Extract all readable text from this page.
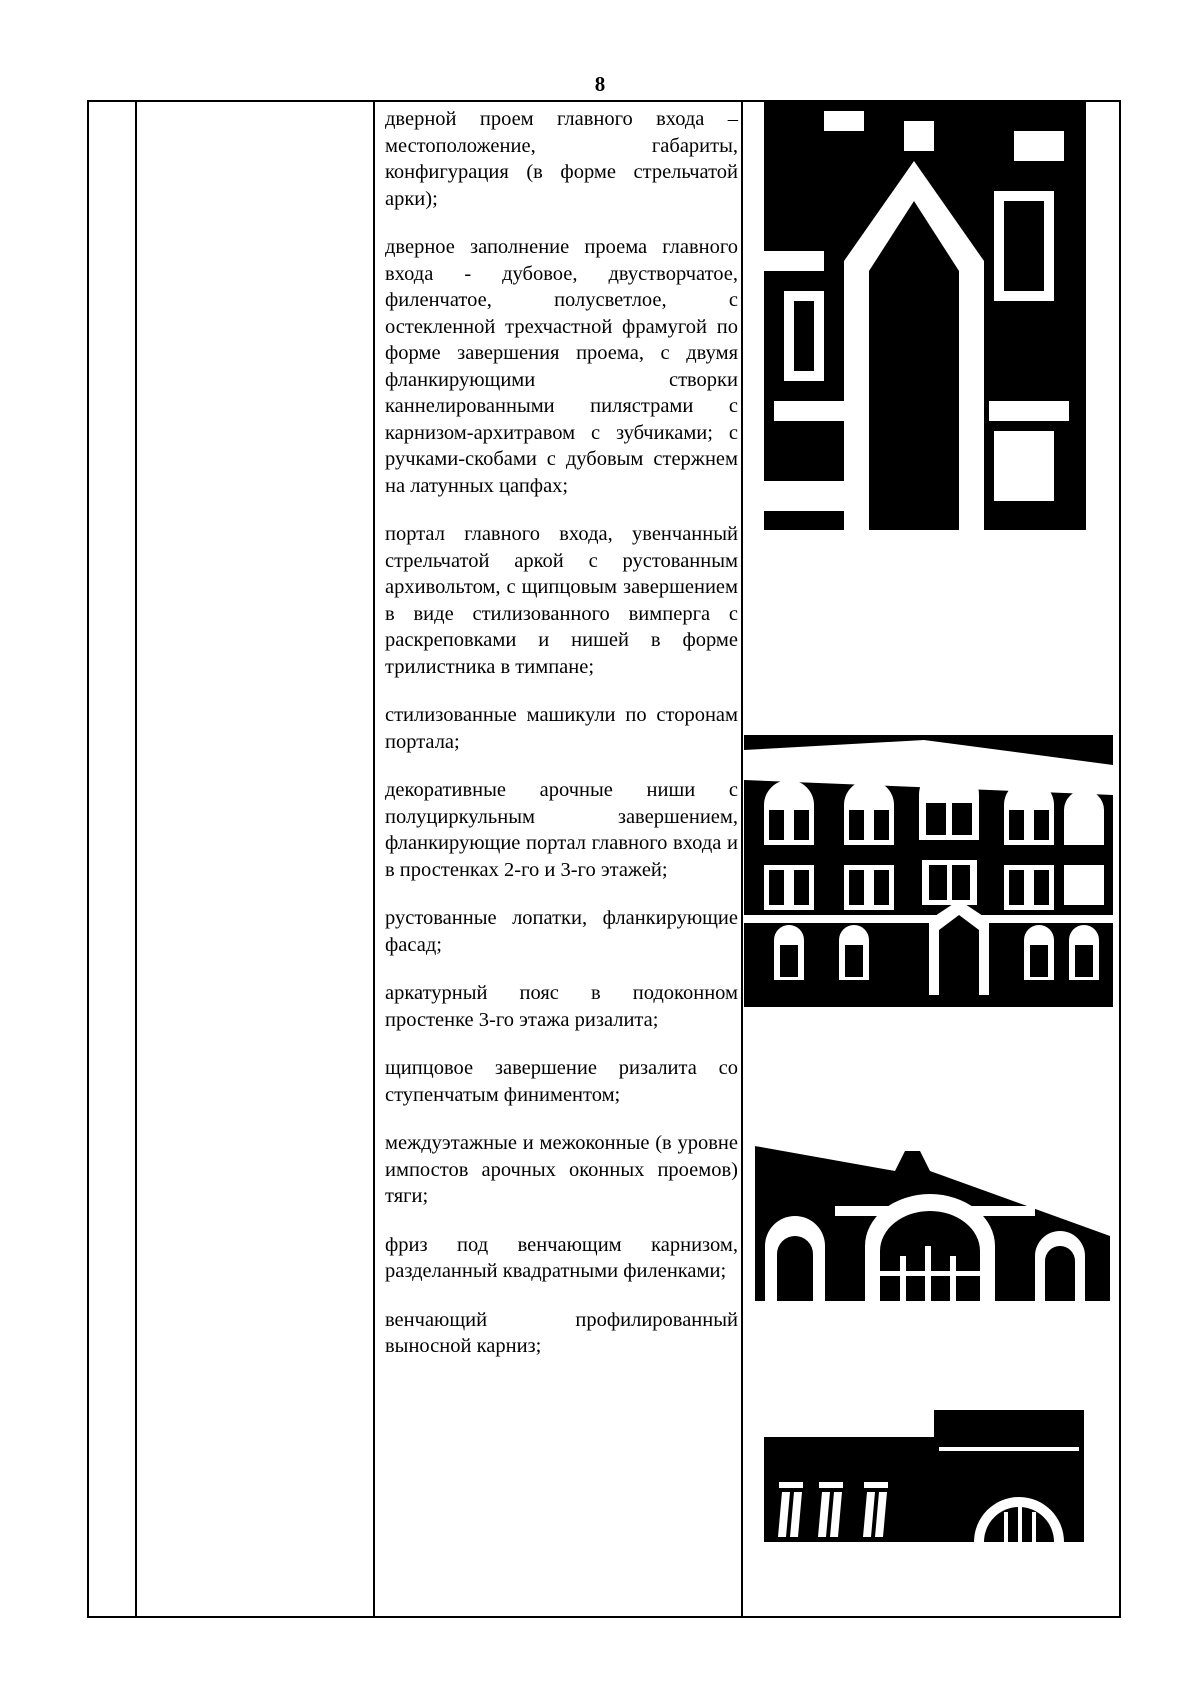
8

дверной проем главного входа – местоположение, габариты, конфигурация (в форме стрельчатой арки);

дверное заполнение проема главного входа - дубовое, двустворчатое, филенчатое, полусветлое, с остекленной трехчастной фрамугой по форме завершения проема, с двумя фланкирующими створки каннелированными пилястрами с карнизом-архитравом с зубчиками; с ручками-скобами с дубовым стержнем на латунных цапфах;

портал главного входа, увенчанный стрельчатой аркой с рустованным архивольтом, с щипцовым завершением в виде стилизованного вимперга с раскреповками и нишей в форме трилистника в тимпане;

стилизованные машикули по сторонам портала;

декоративные арочные ниши с полуциркульным завершением, фланкирующие портал главного входа и в простенках 2-го и 3-го этажей;

рустованные лопатки, фланкирующие фасад;

аркатурный пояс в подоконном простенке 3-го этажа ризалита;

щипцовое завершение ризалита со ступенчатым финиментом;

междуэтажные и межоконные (в уровне импостов арочных оконных проемов) тяги;

фриз под венчающим карнизом, разделанный квадратными филенками;

венчающий профилированный выносной карниз;
